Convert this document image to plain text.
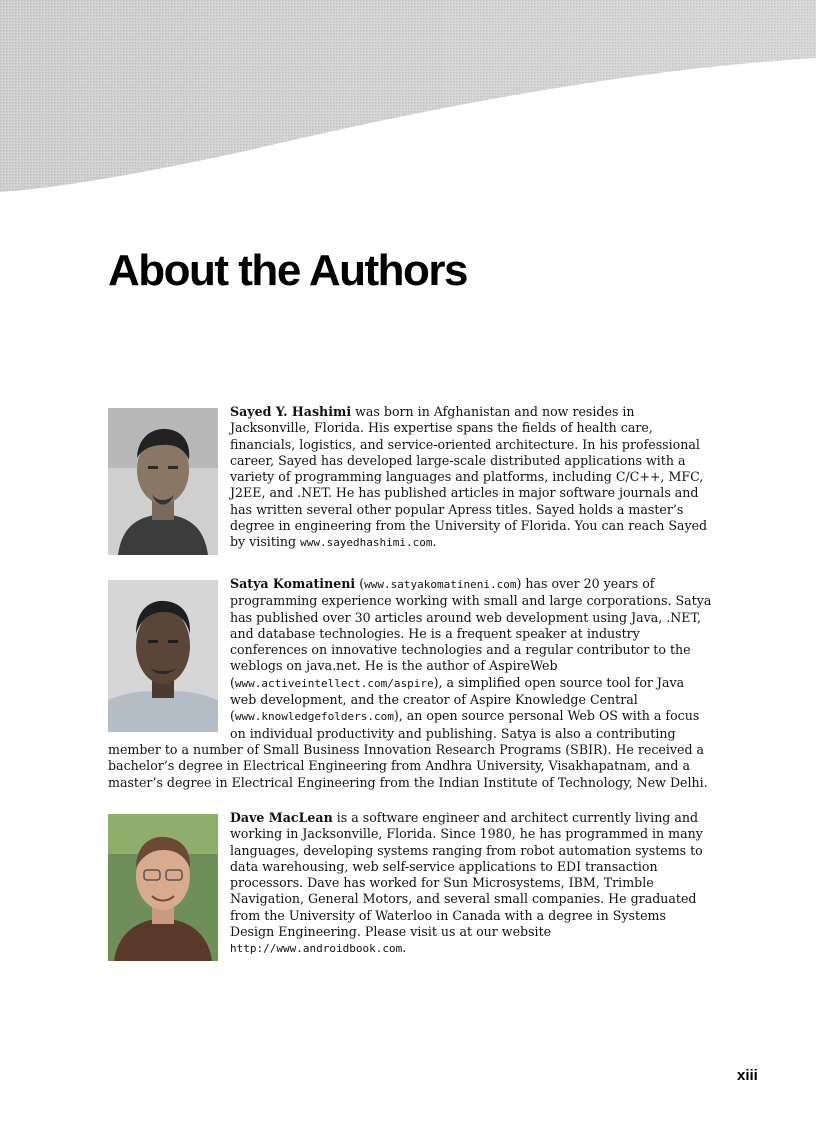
About the Authors

Sayed Y. Hashimi was born in Afghanistan and now resides in Jacksonville, Florida. His expertise spans the fields of health care, financials, logistics, and service-oriented architecture. In his professional career, Sayed has developed large-scale distributed applications with a variety of programming languages and platforms, including C/C++, MFC, J2EE, and .NET. He has published articles in major software journals and has written several other popular Apress titles. Sayed holds a master’s degree in engineering from the University of Florida. You can reach Sayed by visiting www.sayedhashimi.com.

Satya Komatineni (www.satyakomatineni.com) has over 20 years of programming experience working with small and large corporations. Satya has published over 30 articles around web development using Java, .NET, and database technologies. He is a frequent speaker at industry conferences on innovative technologies and a regular contributor to the weblogs on java.net. He is the author of AspireWeb (www.activeintellect.com/aspire), a simplified open source tool for Java web development, and the creator of Aspire Knowledge Central (www.knowledgefolders.com), an open source personal Web OS with a focus on individual productivity and publishing. Satya is also a contributing member to a number of Small Business Innovation Research Programs (SBIR). He received a bachelor’s degree in Electrical Engineering from Andhra University, Visakhapatnam, and a master’s degree in Electrical Engineering from the Indian Institute of Technology, New Delhi.

Dave MacLean is a software engineer and architect currently living and working in Jacksonville, Florida. Since 1980, he has programmed in many languages, developing systems ranging from robot automation systems to data warehousing, web self-service applications to EDI transaction processors. Dave has worked for Sun Microsystems, IBM, Trimble Navigation, General Motors, and several small companies. He graduated from the University of Waterloo in Canada with a degree in Systems Design Engineering. Please visit us at our website http://www.androidbook.com.

xiii
